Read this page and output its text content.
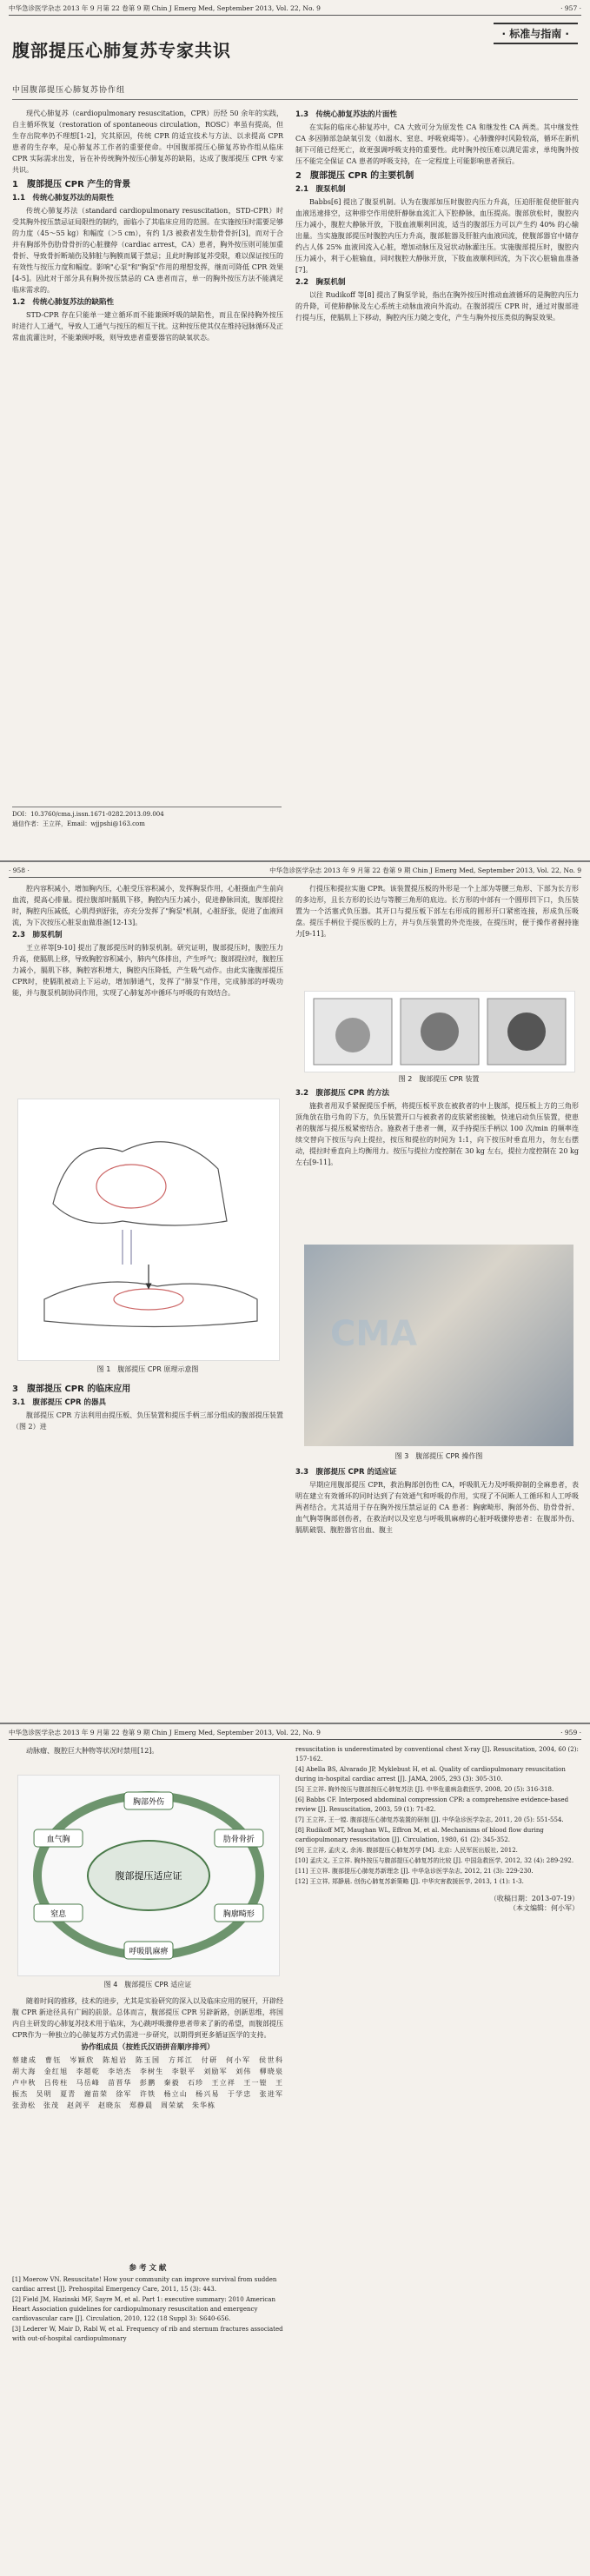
中华急诊医学杂志 2013 年 9 月第 22 卷第 9 期 Chin J Emerg Med, September 2013, Vol. 22, No. 9	· 957 ·
· 标准与指南 ·
腹部提压心肺复苏专家共识
中国腹部提压心肺复苏协作组

现代心肺复苏（cardiopulmonary resuscitation，CPR）历经 50 余年的实践，自主循环恢复（restoration of spontaneous circulation，ROSC）率虽有提高，但生存出院率仍不理想[1-2]，究其原因，传统 CPR 的适宜技术与方法、以求提高 CPR 患者的生存率，是心肺复苏工作者的重要使命。中国腹部提压心肺复苏协作组从临床 CPR 实际需求出发，旨在补传统胸外按压心肺复苏的缺陷，达成了腹部提压 CPR 专家共识。

1　腹部提压 CPR 产生的背景
1.1　传统心肺复苏法的局限性

传统心肺复苏法（standard cardiopulmonary resuscitation，STD-CPR）时受其胸外按压禁忌证局限性的制约，面临小了其临床应用的范围。在实施按压时需要足够的力度（45～55 kg）和幅度（＞5 cm），有约 1/3 被救者发生肋骨骨折[3]，而对于合并有胸部外伤肋骨骨折的心脏骤停（cardiac arrest，CA）患者，胸外按压则可能加重骨折、导致骨折断端伤及肺脏与胸膜而属于禁忌；且此时胸部复苏受限，难以保证按压的有效性与按压力度和幅度。影响"心泵"和"胸泵"作用的理想发挥，继而可降低 CPR 效果[4-5]。因此对于部分具有胸外按压禁忌的 CA 患者而言，单一的胸外按压方法不能满足临床需求的。

1.2　传统心肺复苏法的缺陷性

STD-CPR 存在只能单一建立循环而不能兼顾呼吸的缺陷性，而且在保持胸外按压时进行人工通气，导致人工通气与按压的相互干扰。这种按压使其仅在维持冠脉循环及正常血流灌注时，不能兼顾呼吸，则导致患者重要器官的缺氧状态。

DOI：10.3760/cma.j.issn.1671-0282.2013.09.004
通信作者：王立祥，Email：wjjpshi@163.com
1.3　传统心肺复苏法的片面性

在实际的临床心肺复苏中，CA 大致可分为原发性 CA 和继发性 CA 两类。其中继发性 CA 多因肺部急缺氧引发（如溺水、窒息、呼吸衰竭等）。心肺骤停时风险较高，循环在新机制下可能已经死亡，故更强调呼吸支持的重要性。此时胸外按压难以满足需求，单纯胸外按压不能完全保证 CA 患者的呼吸支持，在一定程度上可能影响患者预后。

2　腹部提压 CPR 的主要机制
2.1　腹泵机制

Babbs[6] 提出了腹泵机制。认为在腹部加压时腹腔内压力升高，压迫肝脏促使肝脏内血液迅速排空，这种排空作用使肝静脉血流汇入下腔静脉，血压提高。腹部放松时，腹腔内压力减小，腹腔大静脉开放，下肢血液顺利回流，适当的腹部压力可以产生约 40% 的心输出量。当实施腹部提压时腹腔内压力升高，腹部脏器及肝脏内血液回流，使腹部器官中储存约占人体 25% 血液回流入心脏，增加动脉压及冠状动脉灌注压。实施腹部提压时，腹腔内压力减小，利于心脏输血，同时腹腔大静脉开放，下肢血液顺利回流，为下次心脏输血准备[7]。

2.2　胸泵机制

以往 Rudikoff 等[8] 提出了胸泵学说，指出在胸外按压时推动血液循环的是胸腔内压力的升降，可使肺静脉及左心系统主动脉血液向外流动。在腹部提压 CPR 时，通过对腹部进行提与压，使膈肌上下移动，胸腔内压力随之变化，产生与胸外按压类似的胸泵效果。

· 958 ·	中华急诊医学杂志 2013 年 9 月第 22 卷第 9 期 Chin J Emerg Med, September 2013, Vol. 22, No. 9

腔内容积减小，增加胸内压，心脏受压容积减小，发挥胸泵作用，心脏摄血产生前向血流，提高心排量。提拉腹部时膈肌下移，胸腔内压力减小，促进静脉回流，腹部提拉时，胸腔内压减低，心肌得到舒张，亦充分发挥了"胸泵"机制，心脏舒张，促进了血液回流，为下次按压心脏泵血做准备[12-13]。

2.3　肺泵机制

王立祥等[9-10] 提出了腹部提压时的肺泵机制。研究证明，腹部提压时，腹腔压力升高，使膈肌上移，导致胸腔容积减小，肺内气体排出，产生呼气；腹部提拉时，腹腔压力减小，膈肌下移，胸腔容积增大，胸腔内压降低，产生吸气动作。由此实施腹部提压CPR时，使膈肌被动上下运动，增加肺通气，发挥了"肺泵"作用，完成肺部的呼吸功能，并与腹泵机制协同作用，实现了心肺复苏中循环与呼吸的有效结合。

图 1　腹部提压 CPR 原理示意图
3　腹部提压 CPR 的临床应用
3.1　腹部提压 CPR 的器具

腹部提压 CPR 方法利用由提压板、负压装置和提压手柄三部分组成的腹部提压装置（图 2）进

行提压和提拉实施 CPR。该装置提压板的外形是一个上部为等腰三角形、下部为长方形的多边形，且长方形的长边与等腰三角形的底边。长方形的中部有一个圆形凹下口，负压装置为一个活塞式负压器。其开口与提压板下部左右形成的圆形开口紧密连接，形成负压吸盘。提压手柄位于提压板的上方，并与负压装置的外壳连接，在提压时，便于操作者握持施力[9-11]。

图 2　腹部提压 CPR 装置
3.2　腹部提压 CPR 的方法

施救者用双手紧握提压手柄，将提压板平放在被救者的中上腹部，提压板上方的三角形顶角放在肋弓角的下方，负压装置开口与被救者的皮肤紧密接触，快速启动负压装置，使患者的腹部与提压板紧密结合。施救者于患者一侧，双手持提压手柄以 100 次/min 的频率连续交替向下按压与向上提拉，按压和提拉的时间为 1:1，向下按压时垂直用力，勿左右摆动，提拉时垂直向上均衡用力。按压与提拉力度控制在 30 kg 左右，提拉力度控制在 20 kg 左右[9-11]。

CMA
图 3　腹部提压 CPR 操作图
3.3　腹部提压 CPR 的适应证

早期应用腹部提压 CPR，救治胸部创伤性 CA，呼吸肌无力及呼吸抑制的全麻患者，表明在建立有效循环的同时达到了有效通气和呼吸的作用，实现了不间断人工循环和人工呼吸两者结合。尤其适用于存在胸外按压禁忌证的 CA 患者：胸廓畸形、胸部外伤、肋骨骨折、血气胸等胸部创伤者，在救治时以及室息与呼吸肌麻痹的心脏呼吸骤停患者：在腹部外伤、膈肌破裂、腹腔器官出血、腹主

中华急诊医学杂志 2013 年 9 月第 22 卷第 9 期 Chin J Emerg Med, September 2013, Vol. 22, No. 9	· 959 ·

动脉瘤、腹腔巨大肿物等状况时禁用[12]。

腹部提压适应证
胸部外伤
肋骨骨折
胸廓畸形
呼吸肌麻痹
窒息
血气胸
图 4　腹部提压 CPR 适应证

随着时间的推移，技术的进步，尤其是实验研究的深入以及临床应用的展开，开辟经腹 CPR 新途径具有广阔的前景。总体而言，腹部提压 CPR 另辟新路，创新思维，将国内自主研发的心肺复苏技术用于临床，为心跳呼吸骤停患者带来了新的希望，而腹部提压CPR作为一种独立的心肺复苏方式仍需进一步研究，以期得到更多循证医学的支持。

协作组成员（按姓氏汉语拼音顺序排列）

蔡建成　曹钰　岑颖欣　陈旭岩　陈玉国　方邦江　付研　何小军　侯世科　胡大海　金红旭　李超乾　李培杰　李树生　李银平　刘励军　刘伟　柳晓泉　卢中秋　吕传柱　马岳峰　苗晋华　彭鹏　秦毅　石珍　王立祥　王一镗　王振杰　吴明　夏青　谢苗荣　徐军　许铁　杨立山　杨兴易　于学忠　张进军　张劲松　张茂　赵剑平　赵晓东　郑静晨　周荣斌　朱华栋

参 考 文 献
[1] Moerow VN. Resuscitate! How your community can improve survival from sudden cardiac arrest [J]. Prehospital Emergency Care, 2011, 15 (3): 443.
[2] Field JM, Hazinski MF, Sayre M, et al. Part 1: executive summary: 2010 American Heart Association guidelines for cardiopulmonary resuscitation and emergency cardiovascular care [J]. Circulation, 2010, 122 (18 Suppl 3): S640-656.
[3] Lederer W, Mair D, Rabl W, et al. Frequency of rib and sternum fractures associated with out-of-hospital cardiopulmonary
resuscitation is underestimated by conventional chest X-ray [J]. Resuscitation, 2004, 60 (2): 157-162.
[4] Abella BS, Alvarado JP, Myklebust H, et al. Quality of cardiopulmonary resuscitation during in-hospital cardiac arrest [J]. JAMA, 2005, 293 (3): 305-310.
[5] 王立祥. 胸外按压与腹部按压心肺复苏法 [J]. 中华危重病急救医学, 2008, 20 (5): 316-318.
[6] Babbs CF. Interposed abdominal compression CPR: a comprehensive evidence-based review [J]. Resuscitation, 2003, 59 (1): 71-82.
[7] 王立祥, 王一镗. 腹部提压心肺复苏装置的研制 [J]. 中华急诊医学杂志, 2011, 20 (5): 551-554.
[8] Rudikoff MT, Maughan WL, Effron M, et al. Mechanisms of blood flow during cardiopulmonary resuscitation [J]. Circulation, 1980, 61 (2): 345-352.
[9] 王立祥, 孟庆义, 余涛. 腹部提压心肺复苏学 [M]. 北京: 人民军医出版社, 2012.
[10] 孟庆义, 王立祥. 胸外按压与腹部提压心肺复苏的比较 [J]. 中国急救医学, 2012, 32 (4): 289-292.
[11] 王立祥. 腹部提压心肺复苏新理念 [J]. 中华急诊医学杂志, 2012, 21 (3): 229-230.
[12] 王立祥, 郑静晨. 创伤心肺复苏新策略 [J]. 中华灾害救援医学, 2013, 1 (1): 1-3.
（收稿日期：2013-07-19）
（本文编辑：何小军）
